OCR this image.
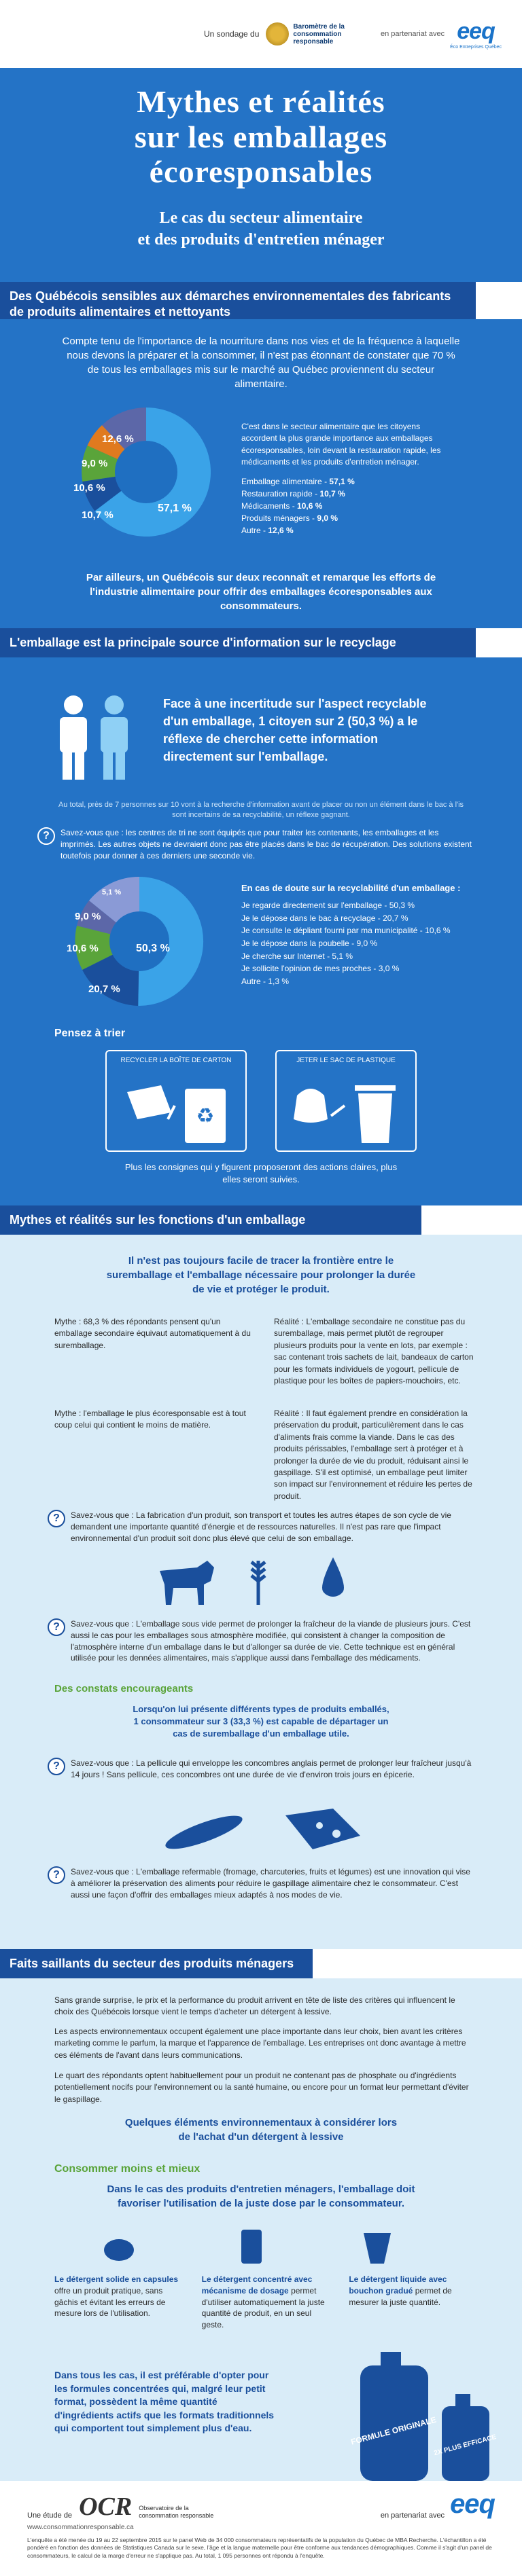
Un sondage du
Baromètre de la consommation responsable
en partenariat avec eeq
Éco Entreprises Québec
Mythes et réalités
sur les emballages
écoresponsables
Le cas du secteur alimentaire
et des produits d'entretien ménager
Des Québécois sensibles aux démarches environnementales des fabricants de produits alimentaires et nettoyants

Compte tenu de l'importance de la nourriture dans nos vies et de la fréquence à laquelle nous devons la préparer et la consommer, il n'est pas étonnant de constater que 70 % de tous les emballages mis sur le marché au Québec proviennent du secteur alimentaire.

57,1 %
10,7 %
10,6 %
9,0 %
12,6 %

C'est dans le secteur alimentaire que les citoyens accordent la plus grande importance aux emballages écoresponsables, loin devant la restauration rapide, les médicaments et les produits d'entretien ménager.

Emballage alimentaire - 57,1 %
Restauration rapide - 10,7 %
Médicaments - 10,6 %
Produits ménagers - 9,0 %
Autre - 12,6 %

Par ailleurs, un Québécois sur deux reconnaît et remarque les efforts de l'industrie alimentaire pour offrir des emballages écoresponsables aux consommateurs.

L'emballage est la principale source d'information sur le recyclage

Face à une incertitude sur l'aspect recyclable d'un emballage, 1 citoyen sur 2 (50,3 %) a le réflexe de chercher cette information directement sur l'emballage.

Au total, près de 7 personnes sur 10 vont à la recherche d'information avant de placer ou non un élément dans le bac à l'is sont incertains de sa recyclabilité, un réflexe gagnant.

?	Savez-vous que : les centres de tri ne sont équipés que pour traiter les contenants, les emballages et les imprimés. Les autres objets ne devraient donc pas être placés dans le bac de récupération. Des solutions existent toutefois pour donner à ces derniers une seconde vie.

50,3 %
20,7 %
10,6 %
9,0 %
5,1 %	En cas de doute sur la recyclabilité d'un emballage :

Je regarde directement sur l'emballage - 50,3 %
Je le dépose dans le bac à recyclage - 20,7 %
Je consulte le dépliant fourni par ma municipalité - 10,6 %
Je le dépose dans la poubelle - 9,0 %
Je cherche sur Internet - 5,1 %
Je sollicite l'opinion de mes proches - 3,0 %
Autre - 1,3 %

Pensez à trier

RECYCLER LA BOÎTE DE CARTON

♻

JETER LE SAC DE PLASTIQUE

Plus les consignes qui y figurent proposeront des actions claires, plus elles seront suivies.

Mythes et réalités sur les fonctions d'un emballage

Il n'est pas toujours facile de tracer la frontière entre le suremballage et l'emballage nécessaire pour prolonger la durée de vie et protéger le produit.

Mythe : 68,3 % des répondants pensent qu'un emballage secondaire équivaut automatiquement à du suremballage.

Réalité : L'emballage secondaire ne constitue pas du suremballage, mais permet plutôt de regrouper plusieurs produits pour la vente en lots, par exemple : sac contenant trois sachets de lait, bandeaux de carton pour les formats individuels de yogourt, pellicule de plastique pour les boîtes de papiers-mouchoirs, etc.

Mythe : l'emballage le plus écoresponsable est à tout coup celui qui contient le moins de matière.

Réalité : Il faut également prendre en considération la préservation du produit, particulièrement dans le cas d'aliments frais comme la viande. Dans le cas des produits périssables, l'emballage sert à protéger et à prolonger la durée de vie du produit, réduisant ainsi le gaspillage. S'il est optimisé, un emballage peut limiter son impact sur l'environnement et réduire les pertes de produit.

?	Savez-vous que : La fabrication d'un produit, son transport et toutes les autres étapes de son cycle de vie demandent une importante quantité d'énergie et de ressources naturelles. Il n'est pas rare que l'impact environnemental d'un produit soit donc plus élevé que celui de son emballage.

?	Savez-vous que : L'emballage sous vide permet de prolonger la fraîcheur de la viande de plusieurs jours. C'est aussi le cas pour les emballages sous atmosphère modifiée, qui consistent à changer la composition de l'atmosphère interne d'un emballage dans le but d'allonger sa durée de vie. Cette technique est en général utilisée pour les dennées alimentaires, mais s'applique aussi dans l'emballage des médicaments.

Des constats encourageants

Lorsqu'on lui présente différents types de produits emballés, 1 consommateur sur 3 (33,3 %) est capable de départager un cas de suremballage d'un emballage utile.

?	Savez-vous que : La pellicule qui enveloppe les concombres anglais permet de prolonger leur fraîcheur jusqu'à 14 jours ! Sans pellicule, ces concombres ont une durée de vie d'environ trois jours en épicerie.

?	Savez-vous que : L'emballage refermable (fromage, charcuteries, fruits et légumes) est une innovation qui vise à améliorer la préservation des aliments pour réduire le gaspillage alimentaire chez le consommateur. C'est aussi une façon d'offrir des emballages mieux adaptés à nos modes de vie.

Faits saillants du secteur des produits ménagers

Sans grande surprise, le prix et la performance du produit arrivent en tête de liste des critères qui influencent le choix des Québécois lorsque vient le temps d'acheter un détergent à lessive.

Les aspects environnementaux occupent également une place importante dans leur choix, bien avant les critères marketing comme le parfum, la marque et l'apparence de l'emballage. Les entreprises ont donc avantage à mettre ces éléments de l'avant dans leurs communications.

Le quart des répondants optent habituellement pour un produit ne contenant pas de phosphate ou d'ingrédients potentiellement nocifs pour l'environnement ou la santé humaine, ou encore pour un format leur permettant d'éviter le gaspillage.

Quelques éléments environnementaux à considérer lors de l'achat d'un détergent à lessive

Consommer moins et mieux

Dans le cas des produits d'entretien ménagers, l'emballage doit favoriser l'utilisation de la juste dose par le consommateur.

Le détergent solide en capsules offre un produit pratique, sans gâchis et évitant les erreurs de mesure lors de l'utilisation.
Le détergent concentré avec mécanisme de dosage permet d'utiliser automatiquement la juste quantité de produit, en un seul geste.
Le détergent liquide avec bouchon gradué permet de mesurer la juste quantité.

Dans tous les cas, il est préférable d'opter pour les formules concentrées qui, malgré leur petit format, possèdent la même quantité d'ingrédients actifs que les formats traditionnels qui comportent tout simplement plus d'eau.	FORMULE ORIGINALE
2X PLUS EFFICACE
Une étude de OCR Observatoire de la consommation responsable	en partenariat avec eeq
www.consommationresponsable.ca

L'enquête a été menée du 19 au 22 septembre 2015 sur le panel Web de 34 000 consommateurs représentatifs de la population du Québec de MBA Recherche. L'échantillon a été pondéré en fonction des données de Statistiques Canada sur le sexe, l'âge et la langue maternelle pour être conforme aux tendances démographiques. Comme il s'agit d'un panel de consommateurs, le calcul de la marge d'erreur ne s'applique pas. Au total, 1 095 personnes ont répondu à l'enquête.
